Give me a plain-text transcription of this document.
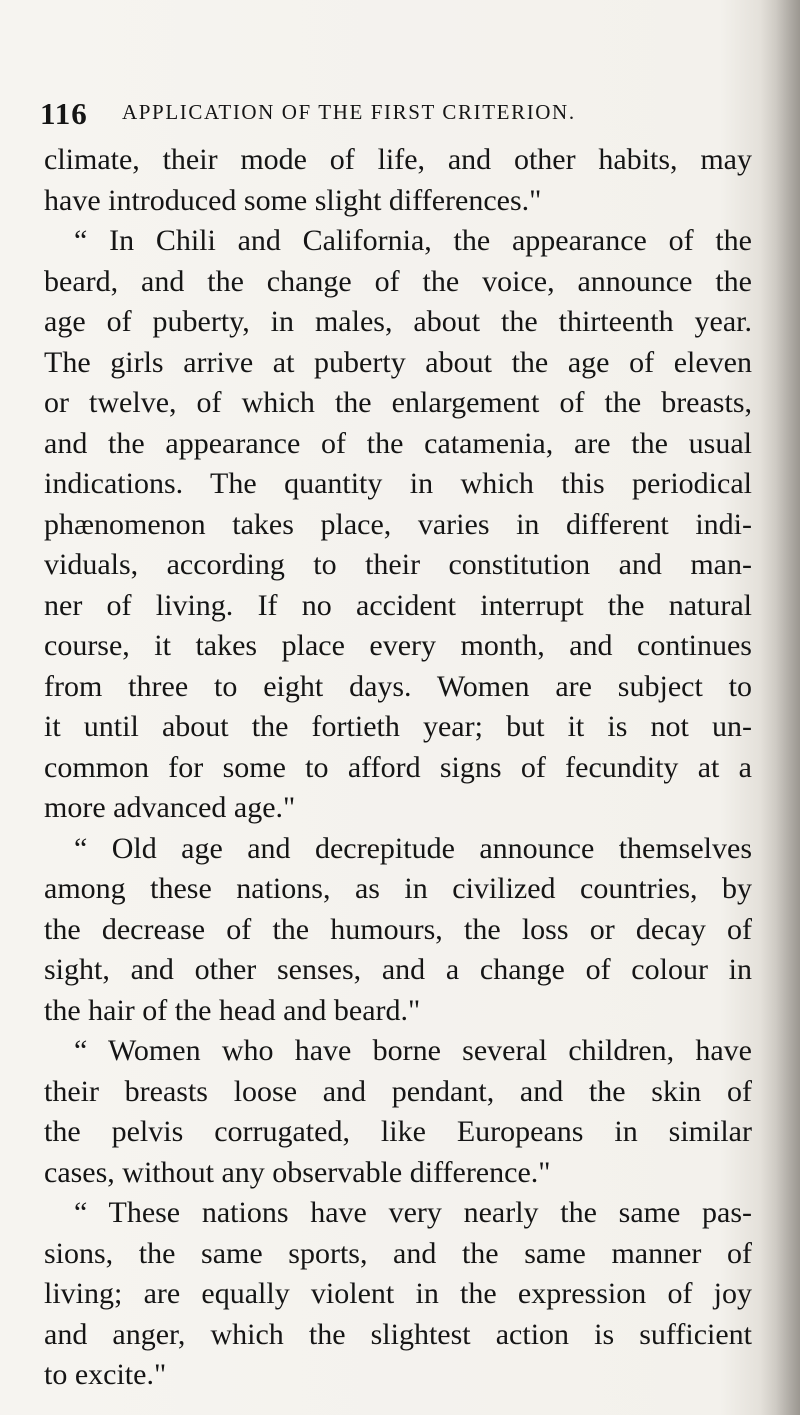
116 APPLICATION OF THE FIRST CRITERION.
climate, their mode of life, and other habits, may
have introduced some slight differences."
“ In Chili and California, the appearance of the
beard, and the change of the voice, announce the
age of puberty, in males, about the thirteenth year.
The girls arrive at puberty about the age of eleven
or twelve, of which the enlargement of the breasts,
and the appearance of the catamenia, are the usual
indications. The quantity in which this periodical
phænomenon takes place, varies in different indi-
viduals, according to their constitution and man-
ner of living. If no accident interrupt the natural
course, it takes place every month, and continues
from three to eight days. Women are subject to
it until about the fortieth year; but it is not un-
common for some to afford signs of fecundity at a
more advanced age."
“ Old age and decrepitude announce themselves
among these nations, as in civilized countries, by
the decrease of the humours, the loss or decay of
sight, and other senses, and a change of colour in
the hair of the head and beard."
“ Women who have borne several children, have
their breasts loose and pendant, and the skin of
the pelvis corrugated, like Europeans in similar
cases, without any observable difference."
“ These nations have very nearly the same pas-
sions, the same sports, and the same manner of
living; are equally violent in the expression of joy
and anger, which the slightest action is sufficient
to excite."
